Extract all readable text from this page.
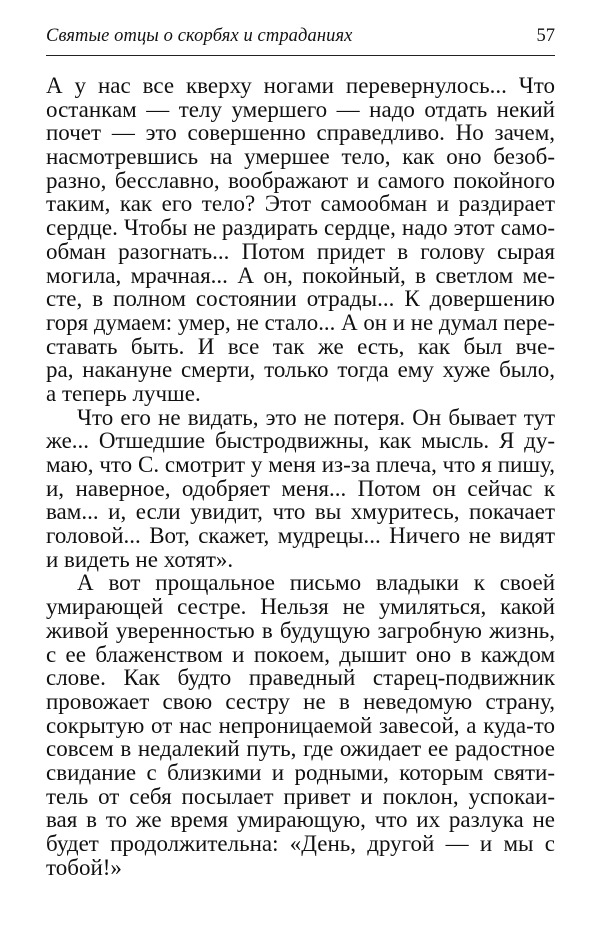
Святые отцы о скорбях и страданиях	57
А у нас все кверху ногами перевернулось... Что
останкам — телу умершего — надо отдать некий
почет — это совершенно справедливо. Но зачем,
насмотревшись на умершее тело, как оно безоб-
разно, бесславно, воображают и самого покойного
таким, как его тело? Этот самообман и раздирает
сердце. Чтобы не раздирать сердце, надо этот само-
обман разогнать... Потом придет в голову сырая
могила, мрачная... А он, покойный, в светлом ме-
сте, в полном состоянии отрады... К довершению
горя думаем: умер, не стало... А он и не думал пере-
ставать быть. И все так же есть, как был вче-
ра, накануне смерти, только тогда ему хуже было,
а теперь лучше.
Что его не видать, это не потеря. Он бывает тут
же... Отшедшие быстродвижны, как мысль. Я ду-
маю, что С. смотрит у меня из-за плеча, что я пишу,
и, наверное, одобряет меня... Потом он сейчас к
вам... и, если увидит, что вы хмуритесь, покачает
головой... Вот, скажет, мудрецы... Ничего не видят
и видеть не хотят».
А вот прощальное письмо владыки к своей
умирающей сестре. Нельзя не умиляться, какой
живой уверенностью в будущую загробную жизнь,
с ее блаженством и покоем, дышит оно в каждом
слове. Как будто праведный старец-подвижник
провожает свою сестру не в неведомую страну,
сокрытую от нас непроницаемой завесой, а куда-то
совсем в недалекий путь, где ожидает ее радостное
свидание с близкими и родными, которым святи-
тель от себя посылает привет и поклон, успокаи-
вая в то же время умирающую, что их разлука не
будет продолжительна: «День, другой — и мы с
тобой!»
